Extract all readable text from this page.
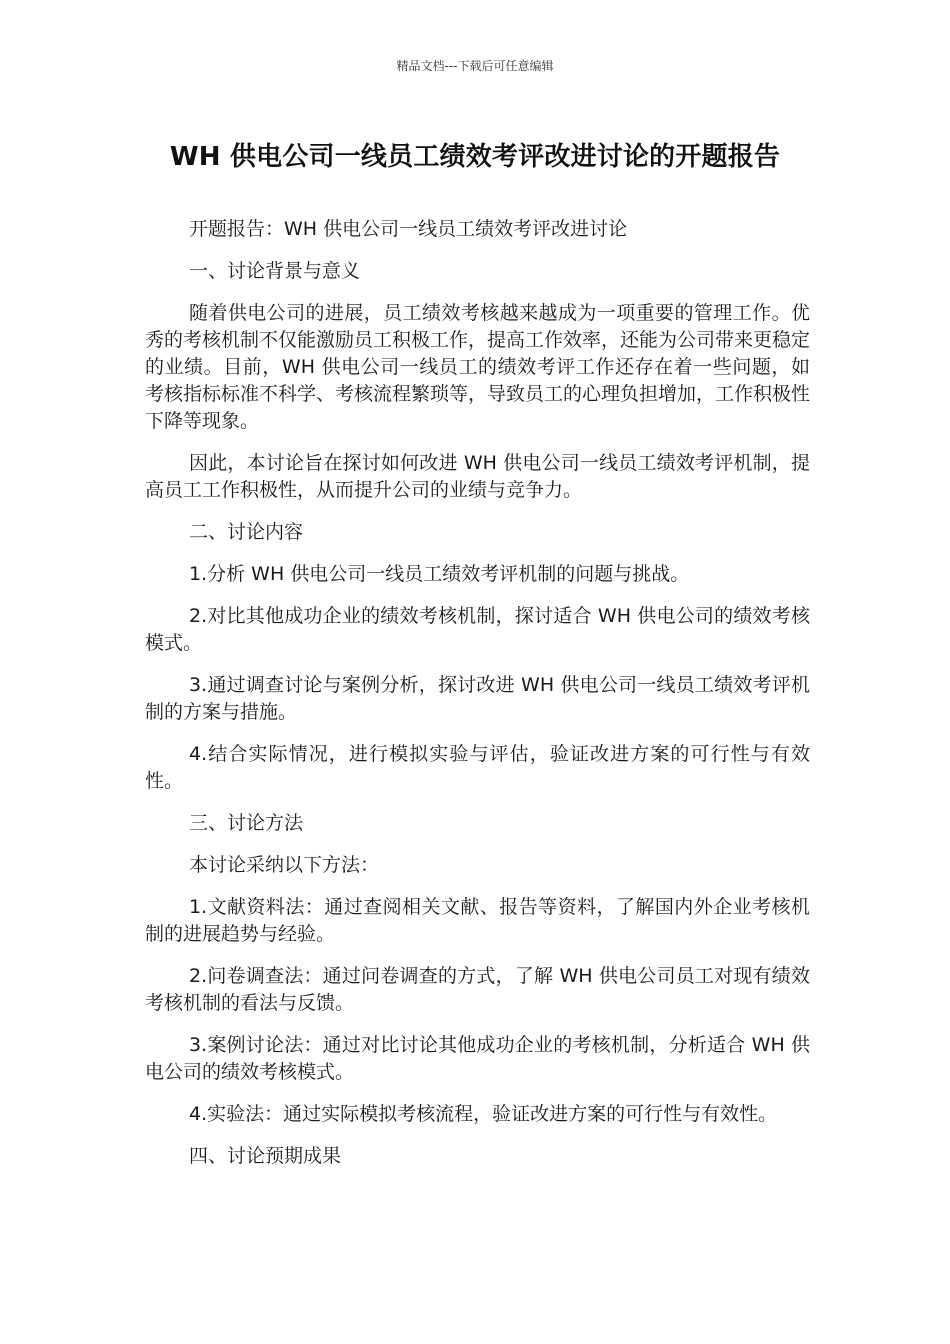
精品文档---下载后可任意编辑
WH 供电公司一线员工绩效考评改进讨论的开题报告

开题报告：WH 供电公司一线员工绩效考评改进讨论

一、讨论背景与意义

随着供电公司的进展，员工绩效考核越来越成为一项重要的管理工作。优秀的考核机制不仅能激励员工积极工作，提高工作效率，还能为公司带来更稳定的业绩。目前，WH 供电公司一线员工的绩效考评工作还存在着一些问题，如考核指标标准不科学、考核流程繁琐等，导致员工的心理负担增加，工作积极性下降等现象。

因此，本讨论旨在探讨如何改进 WH 供电公司一线员工绩效考评机制，提高员工工作积极性，从而提升公司的业绩与竞争力。

二、讨论内容

1.分析 WH 供电公司一线员工绩效考评机制的问题与挑战。

2.对比其他成功企业的绩效考核机制，探讨适合 WH 供电公司的绩效考核模式。

3.通过调查讨论与案例分析，探讨改进 WH 供电公司一线员工绩效考评机制的方案与措施。

4.结合实际情况，进行模拟实验与评估，验证改进方案的可行性与有效性。

三、讨论方法

本讨论采纳以下方法：

1.文献资料法：通过查阅相关文献、报告等资料，了解国内外企业考核机制的进展趋势与经验。

2.问卷调查法：通过问卷调查的方式，了解 WH 供电公司员工对现有绩效考核机制的看法与反馈。

3.案例讨论法：通过对比讨论其他成功企业的考核机制，分析适合 WH 供电公司的绩效考核模式。

4.实验法：通过实际模拟考核流程，验证改进方案的可行性与有效性。

四、讨论预期成果
